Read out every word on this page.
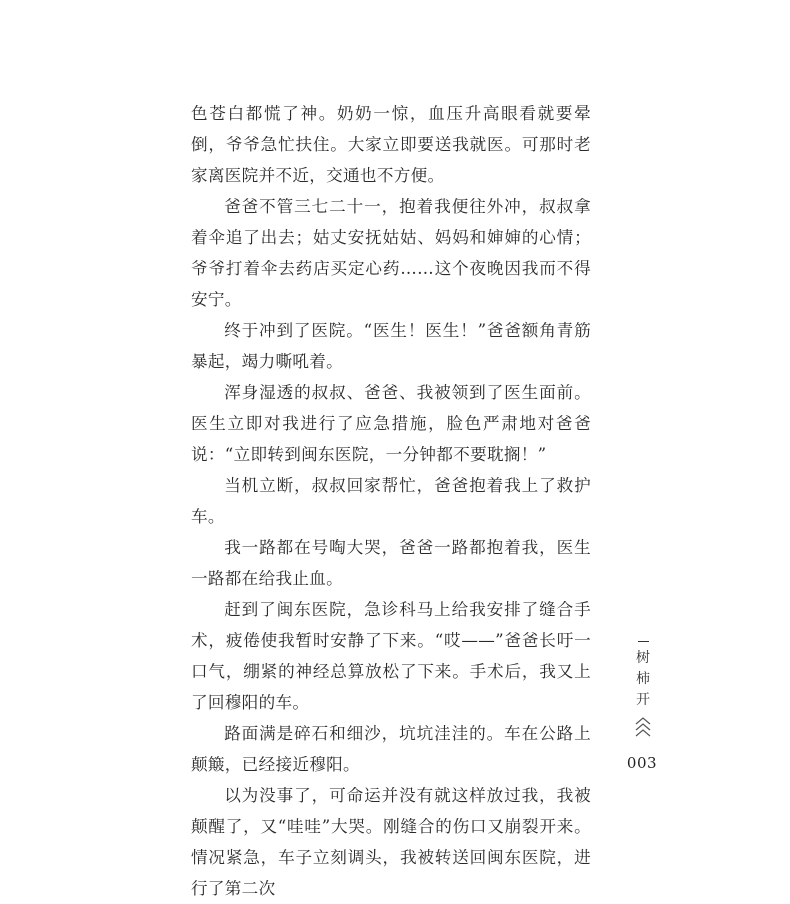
色苍白都慌了神。奶奶一惊，血压升高眼看就要晕倒，爷爷急忙扶住。大家立即要送我就医。可那时老家离医院并不近，交通也不方便。

爸爸不管三七二十一，抱着我便往外冲，叔叔拿着伞追了出去；姑丈安抚姑姑、妈妈和婶婶的心情；爷爷打着伞去药店买定心药……这个夜晚因我而不得安宁。

终于冲到了医院。“医生！医生！”爸爸额角青筋暴起，竭力嘶吼着。

浑身湿透的叔叔、爸爸、我被领到了医生面前。医生立即对我进行了应急措施，脸色严肃地对爸爸说：“立即转到闽东医院，一分钟都不要耽搁！”

当机立断，叔叔回家帮忙，爸爸抱着我上了救护车。

我一路都在号啕大哭，爸爸一路都抱着我，医生一路都在给我止血。

赶到了闽东医院，急诊科马上给我安排了缝合手术，疲倦使我暂时安静了下来。“哎——”爸爸长吁一口气，绷紧的神经总算放松了下来。手术后，我又上了回穆阳的车。

路面满是碎石和细沙，坑坑洼洼的。车在公路上颠簸，已经接近穆阳。

以为没事了，可命运并没有就这样放过我，我被颠醒了，又“哇哇”大哭。刚缝合的伤口又崩裂开来。情况紧急，车子立刻调头，我被转送回闽东医院，进行了第二次

树
柿
开
003
